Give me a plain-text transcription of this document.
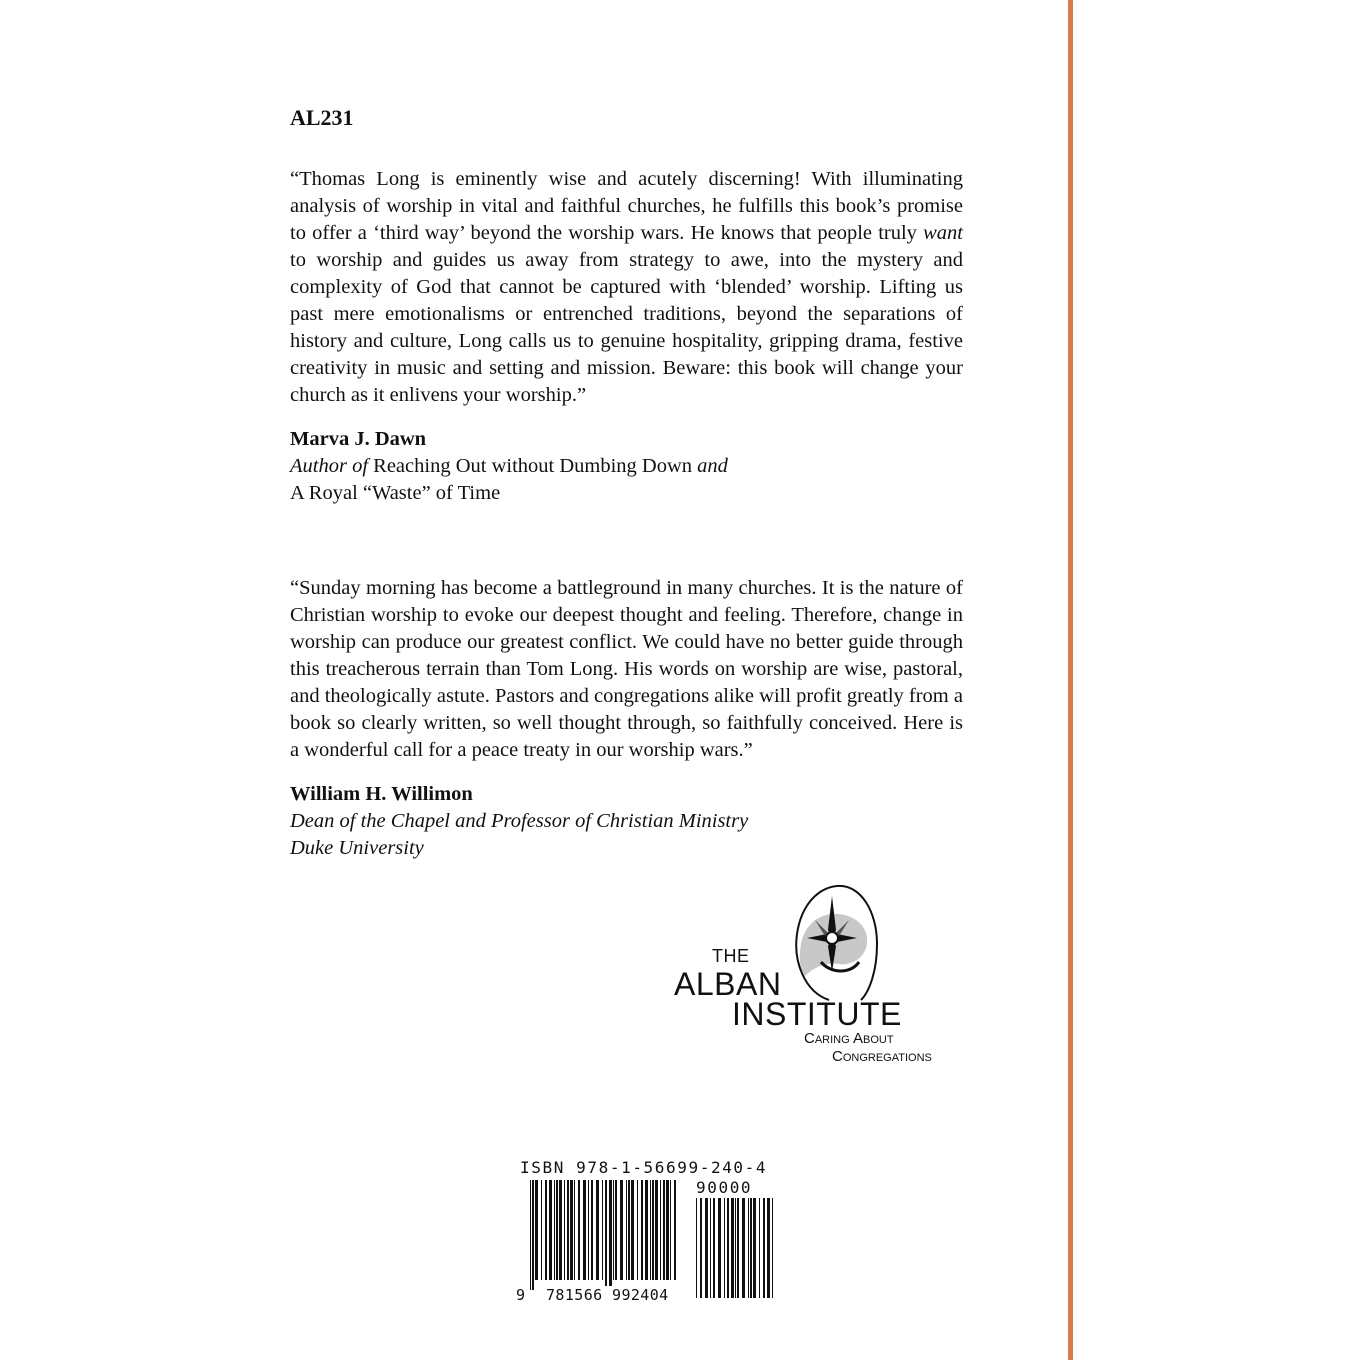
AL231

“Thomas Long is eminently wise and acutely discerning! With illuminating analysis of worship in vital and faithful churches, he fulfills this book’s promise to offer a ‘third way’ beyond the worship wars. He knows that people truly want to worship and guides us away from strategy to awe, into the mystery and complexity of God that cannot be captured with ‘blended’ worship. Lifting us past mere emotionalisms or entrenched traditions, beyond the separations of history and culture, Long calls us to genuine hospitality, gripping drama, festive creativity in music and setting and mission. Beware: this book will change your church as it enlivens your worship.”

Marva J. Dawn
Author of Reaching Out without Dumbing Down and
A Royal “Waste” of Time

“Sunday morning has become a battleground in many churches. It is the nature of Christian worship to evoke our deepest thought and feeling. Therefore, change in worship can produce our greatest conflict. We could have no better guide through this treacherous terrain than Tom Long. His words on worship are wise, pastoral, and theologically astute. Pastors and congregations alike will profit greatly from a book so clearly written, so well thought through, so faithfully conceived. Here is a wonderful call for a peace treaty in our worship wars.”

William H. Willimon
Dean of the Chapel and Professor of Christian Ministry
Duke University
THE
ALBAN
INSTITUTE
Caring About
Congregations
ISBN 978-1-56699-240-4
90000
9 781566 992404
